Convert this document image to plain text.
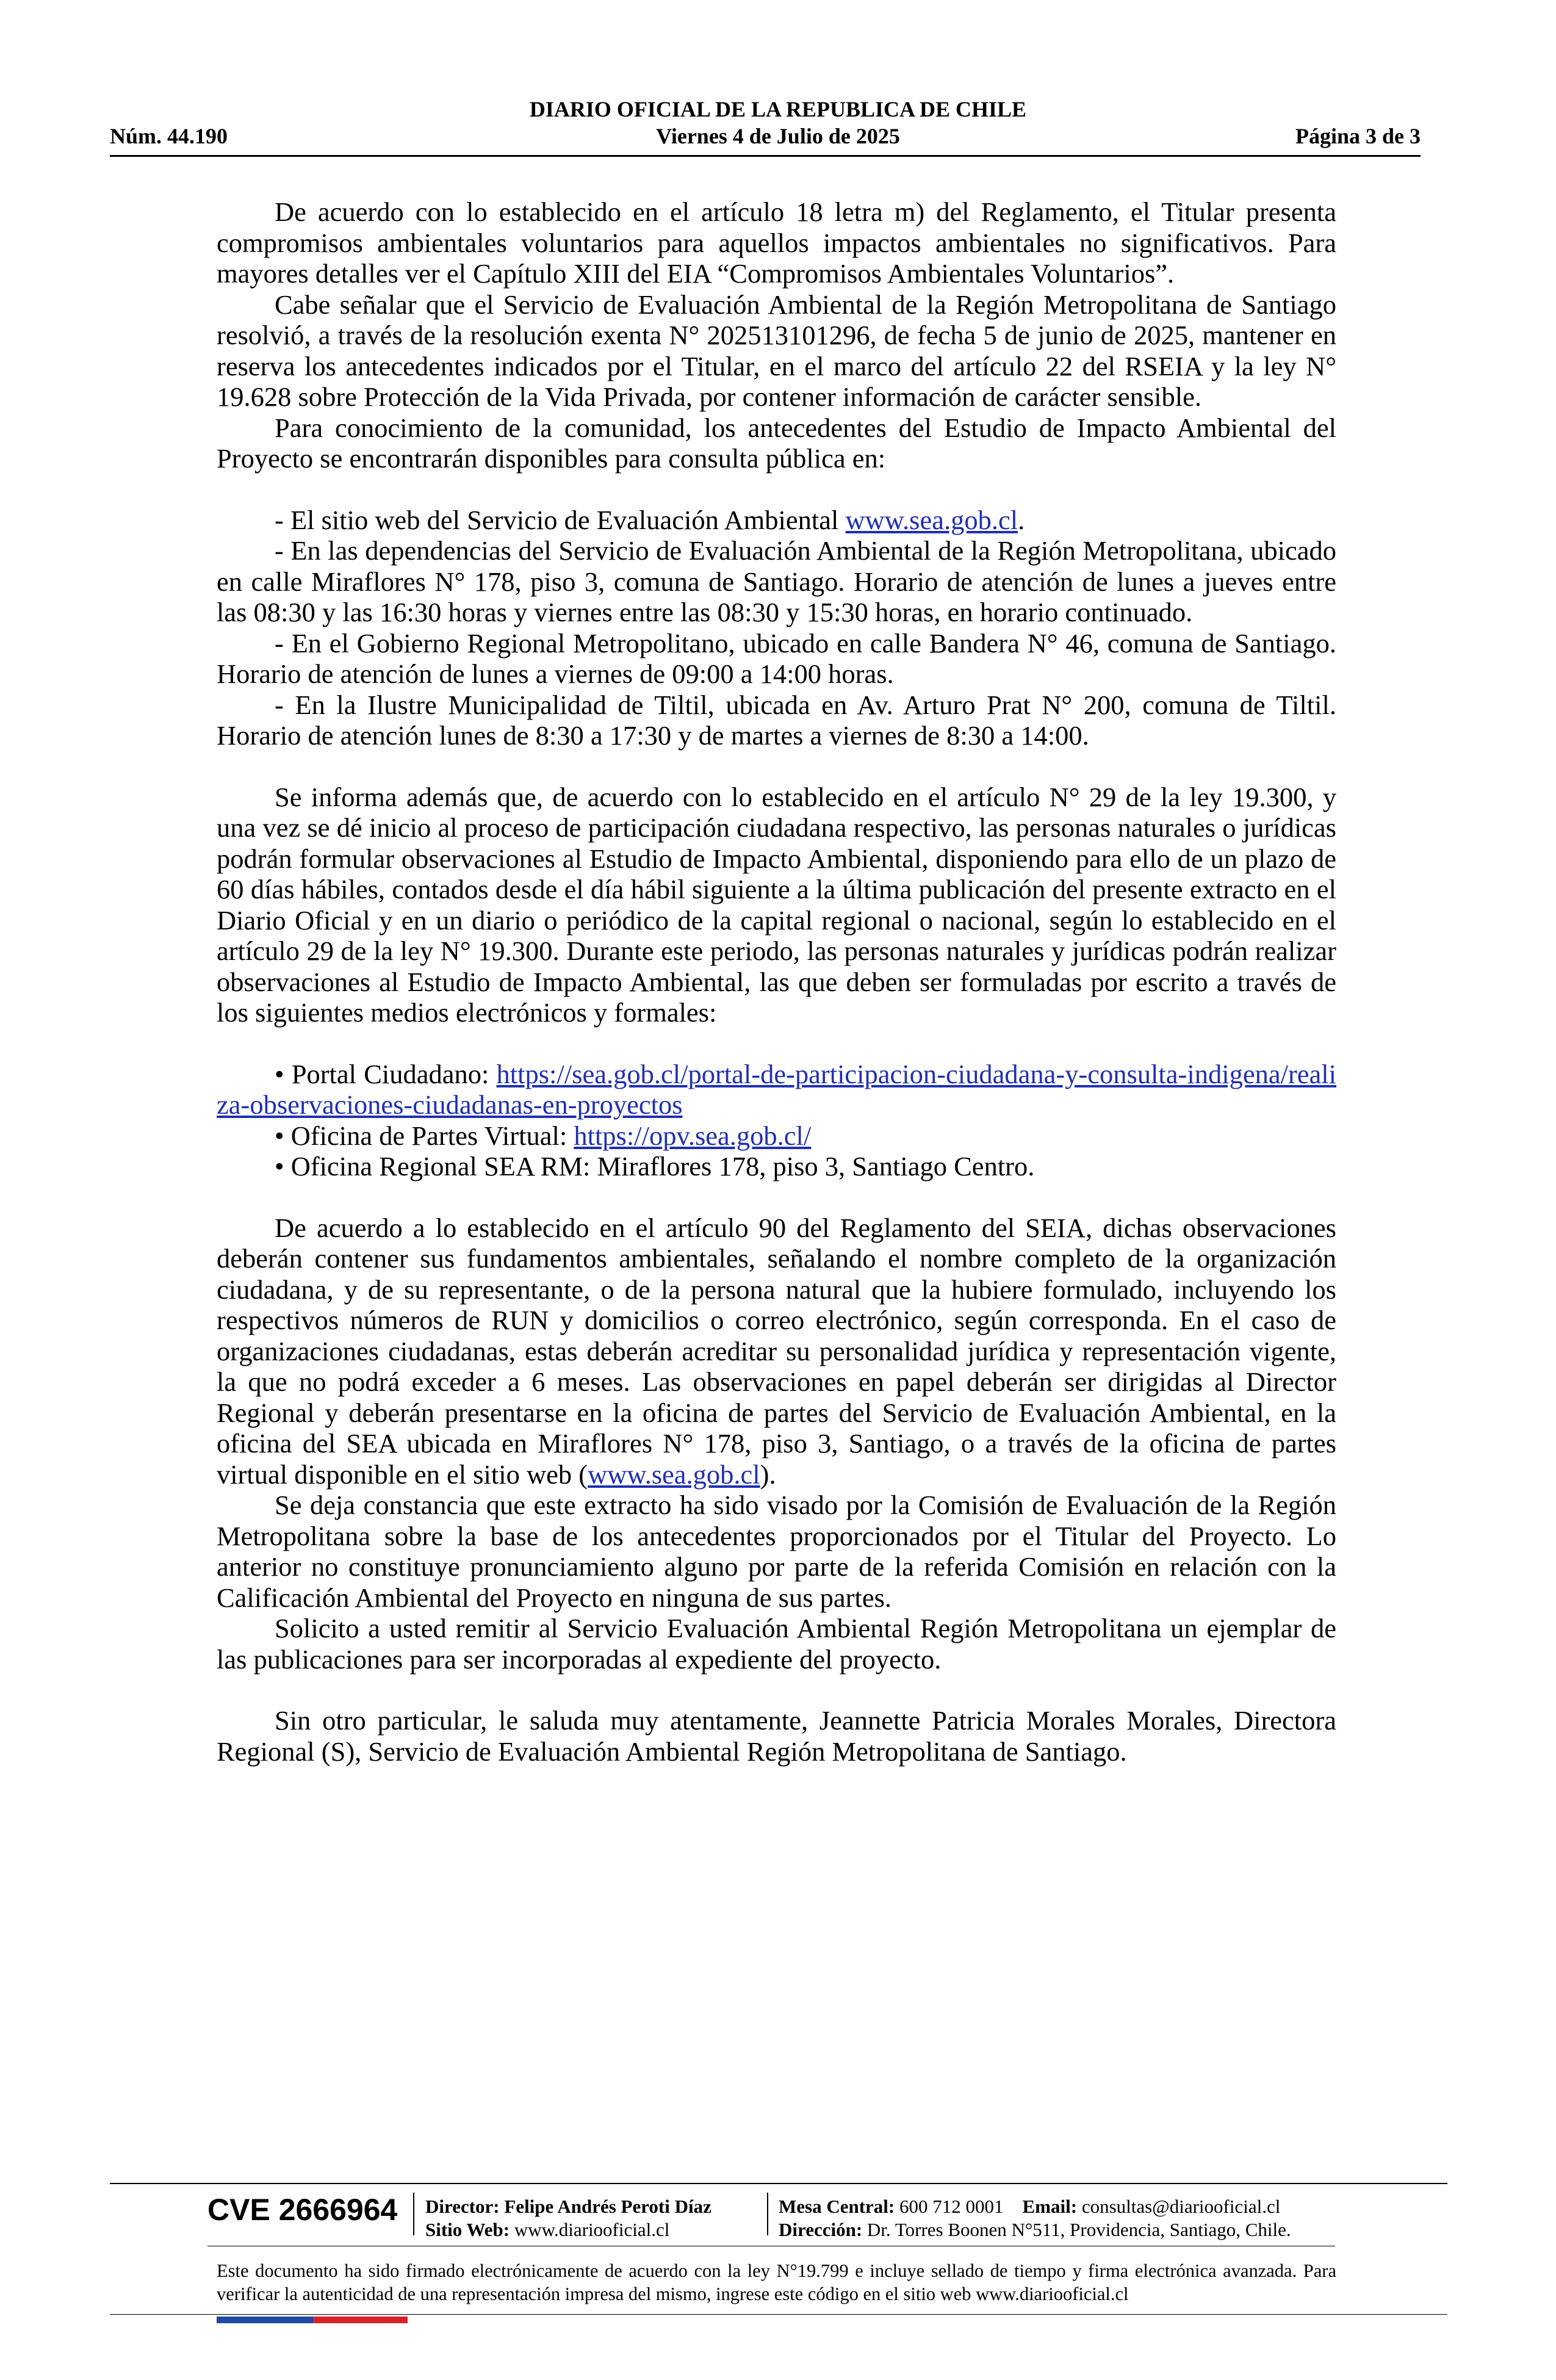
DIARIO OFICIAL DE LA REPUBLICA DE CHILE
Núm. 44.190	Viernes 4 de Julio de 2025	Página 3 de 3

De acuerdo con lo establecido en el artículo 18 letra m) del Reglamento, el Titular presenta compromisos ambientales voluntarios para aquellos impactos ambientales no significativos. Para mayores detalles ver el Capítulo XIII del EIA “Compromisos Ambientales Voluntarios”.

Cabe señalar que el Servicio de Evaluación Ambiental de la Región Metropolitana de Santiago resolvió, a través de la resolución exenta N° 202513101296, de fecha 5 de junio de 2025, mantener en reserva los antecedentes indicados por el Titular, en el marco del artículo 22 del RSEIA y la ley N° 19.628 sobre Protección de la Vida Privada, por contener información de carácter sensible.

Para conocimiento de la comunidad, los antecedentes del Estudio de Impacto Ambiental del Proyecto se encontrarán disponibles para consulta pública en:

- El sitio web del Servicio de Evaluación Ambiental www.sea.gob.cl.

- En las dependencias del Servicio de Evaluación Ambiental de la Región Metropolitana, ubicado en calle Miraflores N° 178, piso 3, comuna de Santiago. Horario de atención de lunes a jueves entre las 08:30 y las 16:30 horas y viernes entre las 08:30 y 15:30 horas, en horario continuado.

- En el Gobierno Regional Metropolitano, ubicado en calle Bandera N° 46, comuna de Santiago. Horario de atención de lunes a viernes de 09:00 a 14:00 horas.

- En la Ilustre Municipalidad de Tiltil, ubicada en Av. Arturo Prat N° 200, comuna de Tiltil. Horario de atención lunes de 8:30 a 17:30 y de martes a viernes de 8:30 a 14:00.

Se informa además que, de acuerdo con lo establecido en el artículo N° 29 de la ley 19.300, y una vez se dé inicio al proceso de participación ciudadana respectivo, las personas naturales o jurídicas podrán formular observaciones al Estudio de Impacto Ambiental, disponiendo para ello de un plazo de 60 días hábiles, contados desde el día hábil siguiente a la última publicación del presente extracto en el Diario Oficial y en un diario o periódico de la capital regional o nacional, según lo establecido en el artículo 29 de la ley N° 19.300. Durante este periodo, las personas naturales y jurídicas podrán realizar observaciones al Estudio de Impacto Ambiental, las que deben ser formuladas por escrito a través de los siguientes medios electrónicos y formales:

• Portal Ciudadano: https://sea.gob.cl/portal-de-participacion-ciudadana-y-consulta-indigena/realiza-observaciones-ciudadanas-en-proyectos

• Oficina de Partes Virtual: https://opv.sea.gob.cl/

• Oficina Regional SEA RM: Miraflores 178, piso 3, Santiago Centro.

De acuerdo a lo establecido en el artículo 90 del Reglamento del SEIA, dichas observaciones deberán contener sus fundamentos ambientales, señalando el nombre completo de la organización ciudadana, y de su representante, o de la persona natural que la hubiere formulado, incluyendo los respectivos números de RUN y domicilios o correo electrónico, según corresponda. En el caso de organizaciones ciudadanas, estas deberán acreditar su personalidad jurídica y representación vigente, la que no podrá exceder a 6 meses. Las observaciones en papel deberán ser dirigidas al Director Regional y deberán presentarse en la oficina de partes del Servicio de Evaluación Ambiental, en la oficina del SEA ubicada en Miraflores N° 178, piso 3, Santiago, o a través de la oficina de partes virtual disponible en el sitio web (www.sea.gob.cl).

Se deja constancia que este extracto ha sido visado por la Comisión de Evaluación de la Región Metropolitana sobre la base de los antecedentes proporcionados por el Titular del Proyecto. Lo anterior no constituye pronunciamiento alguno por parte de la referida Comisión en relación con la Calificación Ambiental del Proyecto en ninguna de sus partes.

Solicito a usted remitir al Servicio Evaluación Ambiental Región Metropolitana un ejemplar de las publicaciones para ser incorporadas al expediente del proyecto.

Sin otro particular, le saluda muy atentamente, Jeannette Patricia Morales Morales, Directora Regional (S), Servicio de Evaluación Ambiental Región Metropolitana de Santiago.

CVE 2666964 Director: Felipe Andrés Peroti Díaz
Sitio Web: www.diariooficial.cl
Mesa Central: 600 712 0001 Email: consultas@diariooficial.cl
Dirección: Dr. Torres Boonen N°511, Providencia, Santiago, Chile.
Este documento ha sido firmado electrónicamente de acuerdo con la ley N°19.799 e incluye sellado de tiempo y firma electrónica avanzada. Para verificar la autenticidad de una representación impresa del mismo, ingrese este código en el sitio web www.diariooficial.cl
